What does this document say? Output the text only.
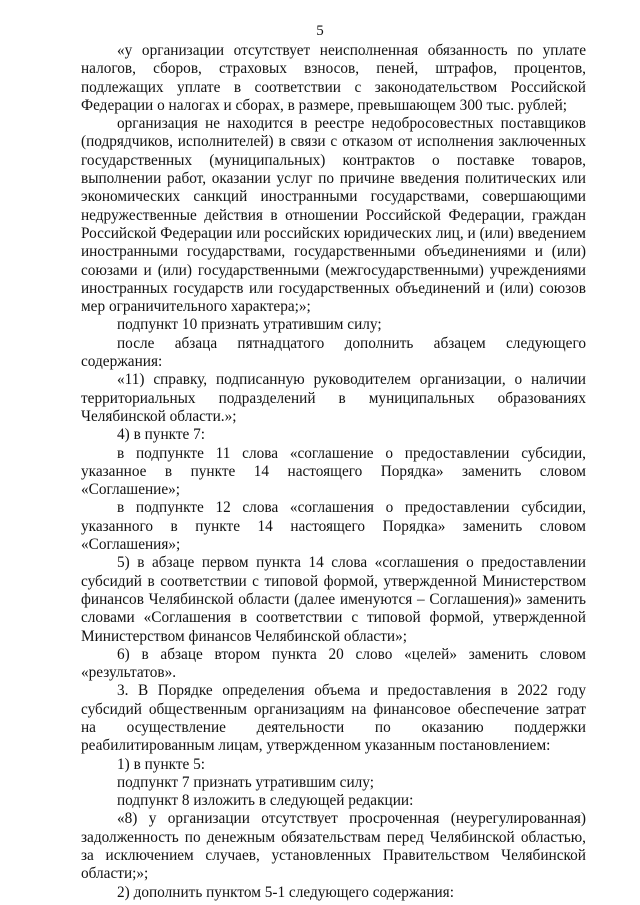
5

«у организации отсутствует неисполненная обязанность по уплате налогов, сборов, страховых взносов, пеней, штрафов, процентов, подлежащих уплате в соответствии с законодательством Российской Федерации о налогах и сборах, в размере, превышающем 300 тыс. рублей;

организация не находится в реестре недобросовестных поставщиков (подрядчиков, исполнителей) в связи с отказом от исполнения заключенных государственных (муниципальных) контрактов о поставке товаров, выполнении работ, оказании услуг по причине введения политических или экономических санкций иностранными государствами, совершающими недружественные действия в отношении Российской Федерации, граждан Российской Федерации или российских юридических лиц, и (или) введением иностранными государствами, государственными объединениями и (или) союзами и (или) государственными (межгосударственными) учреждениями иностранных государств или государственных объединений и (или) союзов мер ограничительного характера;»;

подпункт 10 признать утратившим силу;

после абзаца пятнадцатого дополнить абзацем следующего содержания:

«11) справку, подписанную руководителем организации, о наличии территориальных подразделений в муниципальных образованиях Челябинской области.»;

4) в пункте 7:

в подпункте 11 слова «соглашение о предоставлении субсидии, указанное в пункте 14 настоящего Порядка» заменить словом «Соглашение»;

в подпункте 12 слова «соглашения о предоставлении субсидии, указанного в пункте 14 настоящего Порядка» заменить словом «Соглашения»;

5) в абзаце первом пункта 14 слова «соглашения о предоставлении субсидий в соответствии с типовой формой, утвержденной Министерством финансов Челябинской области (далее именуются – Соглашения)» заменить словами «Соглашения в соответствии с типовой формой, утвержденной Министерством финансов Челябинской области»;

6) в абзаце втором пункта 20 слово «целей» заменить словом «результатов».

3. В Порядке определения объема и предоставления в 2022 году субсидий общественным организациям на финансовое обеспечение затрат на осуществление деятельности по оказанию поддержки реабилитированным лицам, утвержденном указанным постановлением:

1) в пункте 5:

подпункт 7 признать утратившим силу;

подпункт 8 изложить в следующей редакции:

«8) у организации отсутствует просроченная (неурегулированная) задолженность по денежным обязательствам перед Челябинской областью, за исключением случаев, установленных Правительством Челябинской области;»;

2) дополнить пунктом 5-1 следующего содержания:
